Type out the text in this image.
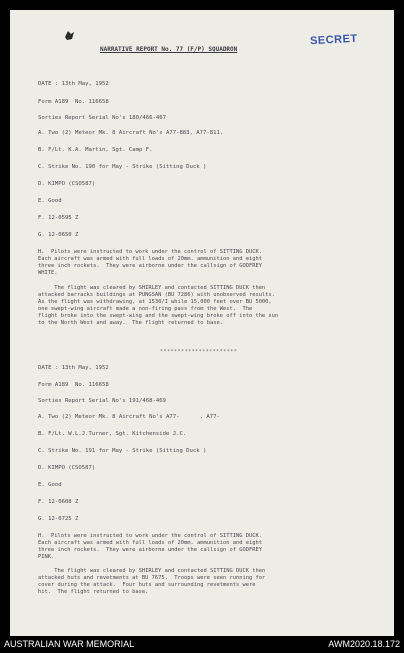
SECRET
NARRATIVE REPORT No. 77 (F/P) SQUADRON
DATE : 13th May, 1952
Form A189  No. 116658
Sorties Report Serial No's 180/466-467
A. Two (2) Meteor Mk. 8 Aircraft No's A77-883, A77-811.
B. F/Lt. K.A. Martin, Sgt. Camp F.
C. Strike No. 190 for May - Strike (Sitting Duck )
D. KIMPO (CSO587)
E. Good
F. 12-0595 Z
G. 12-0650 Z
H.  Pilots were instructed to work under the control of SITTING DUCK.
Each aircraft was armed with full loads of 20mm. ammunition and eight
three inch rockets.  They were airborne under the callsign of GODFREY
WHITE.
The flight was cleared by SHIRLEY and contacted SITTING DUCK then
attacked barracks buildings at PUNGSAN (BU 7286) with unobserved results.
As the flight was withdrawing, at 1530/I while 15,000 feet over BU 5000,
one swept-wing aircraft made a non-firing pass from the West.  The
flight broke into the swept-wing and the swept-wing broke off into the sun
to the North West and away.  The flight returned to base.
**********************
DATE : 13th May, 1952
Form A189  No. 116658
Sorties Report Serial No's 191/468-469
A. Two (2) Meteor Mk. 8 Aircraft No's A77-      , A77-
B. F/Lt. W.L.J.Turner, Sgt. Kitchenside J.C.
C. Strike No. 191 for May - Strike (Sitting Duck )
D. KIMPO (CSO587)
E. Good
F. 12-0608 Z
G. 12-0725 Z
H.  Pilots were instructed to work under the control of SITTING DUCK.
Each aircraft was armed with full loads of 20mm. ammunition and eight
three inch rockets.  They were airborne under the callsign of GODFREY
PINK.
The flight was cleared by SHIRLEY and contacted SITTING DUCK then
attacked huts and revetments at BU 7675.  Troops were seen running for
cover during the attack.  Four huts and surrounding revetments were
hit.  The flight returned to base.
AUSTRALIAN WAR MEMORIAL	AWM2020.18.172
